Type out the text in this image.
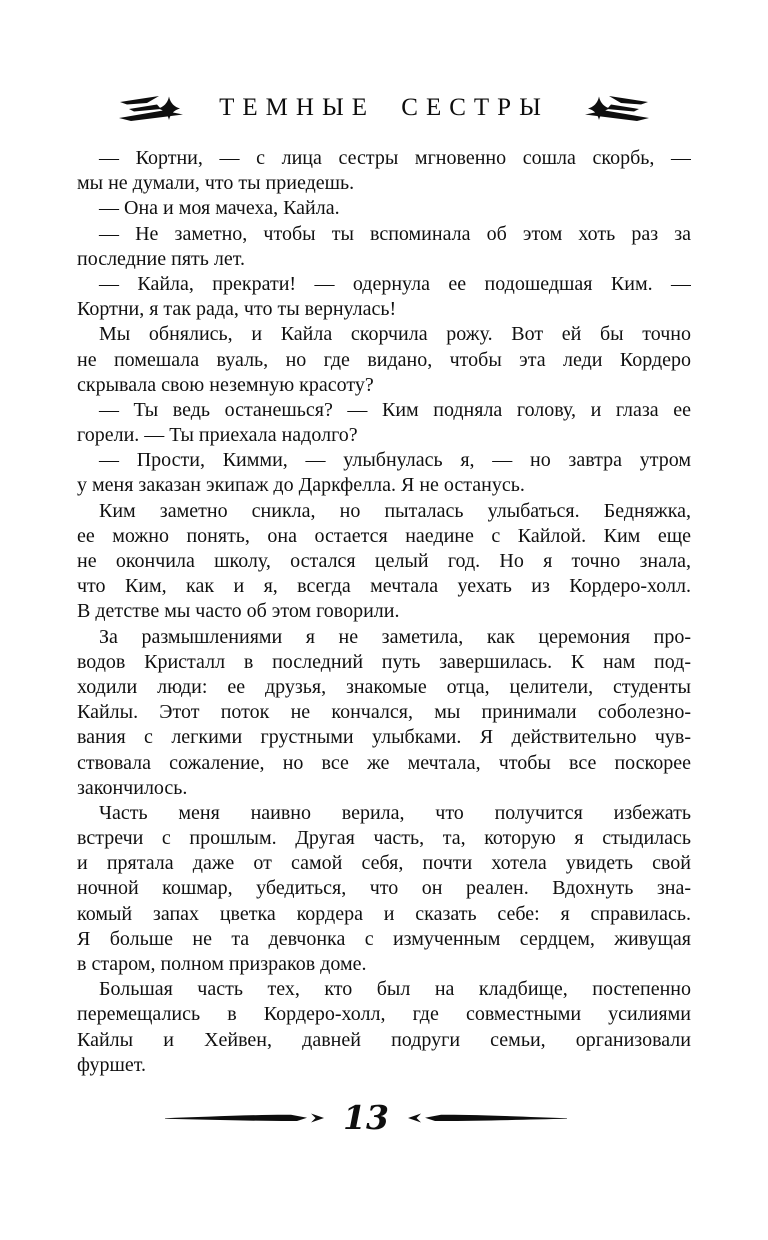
ТЕМНЫЕ СЕСТРЫ
— Кортни, — с лица сестры мгновенно сошла скорбь, —
мы не думали, что ты приедешь.
— Она и моя мачеха, Кайла.
— Не заметно, чтобы ты вспоминала об этом хоть раз за
последние пять лет.
— Кайла, прекрати! — одернула ее подошедшая Ким. —
Кортни, я так рада, что ты вернулась!
Мы обнялись, и Кайла скорчила рожу. Вот ей бы точно
не помешала вуаль, но где видано, чтобы эта леди Кордеро
скрывала свою неземную красоту?
— Ты ведь останешься? — Ким подняла голову, и глаза ее
горели. — Ты приехала надолго?
— Прости, Кимми, — улыбнулась я, — но завтра утром
у меня заказан экипаж до Даркфелла. Я не останусь.
Ким заметно сникла, но пыталась улыбаться. Бедняжка,
ее можно понять, она остается наедине с Кайлой. Ким еще
не окончила школу, остался целый год. Но я точно знала,
что Ким, как и я, всегда мечтала уехать из Кордеро-холл.
В детстве мы часто об этом говорили.
За размышлениями я не заметила, как церемония про-
водов Кристалл в последний путь завершилась. К нам под-
ходили люди: ее друзья, знакомые отца, целители, студенты
Кайлы. Этот поток не кончался, мы принимали соболезно-
вания с легкими грустными улыбками. Я действительно чув-
ствовала сожаление, но все же мечтала, чтобы все поскорее
закончилось.
Часть меня наивно верила, что получится избежать
встречи с прошлым. Другая часть, та, которую я стыдилась
и прятала даже от самой себя, почти хотела увидеть свой
ночной кошмар, убедиться, что он реален. Вдохнуть зна-
комый запах цветка кордера и сказать себе: я справилась.
Я больше не та девчонка с измученным сердцем, живущая
в старом, полном призраков доме.
Большая часть тех, кто был на кладбище, постепенно
перемещались в Кордеро-холл, где совместными усилиями
Кайлы и Хейвен, давней подруги семьи, организовали
фуршет.
13
